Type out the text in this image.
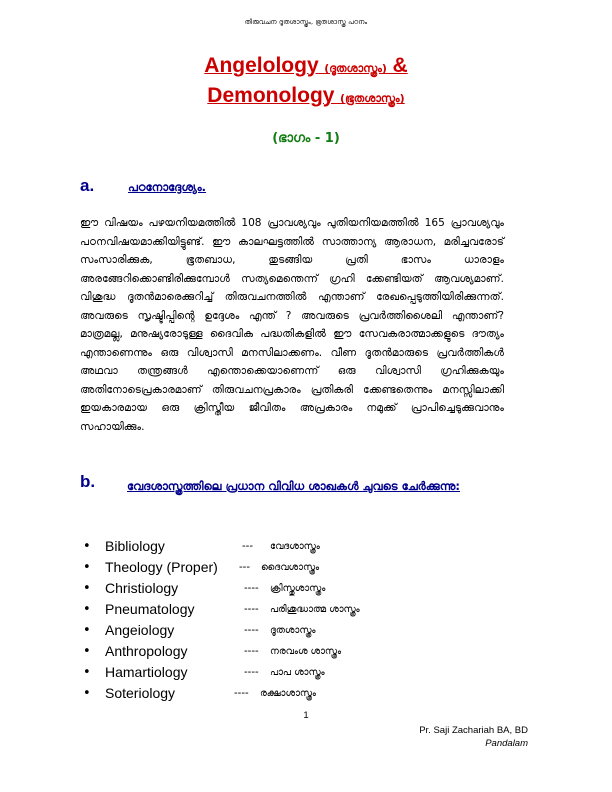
തിരുവചന ദൂതശാസ്ത്രം, ഭൂതശാസ്ത്ര പഠനം
Angelology (ദൂതശാസ്ത്രം) &
Demonology (ഭൂതശാസ്ത്രം)
(ഭാഗം - 1)
a.	പഠനോദ്ദേശ്യം.

ഈ വിഷയം പഴയനിയമത്തിൽ 108 പ്രാവശ്യവും പുതിയനിയമത്തിൽ 165 പ്രാവശ്യവും പഠനവിഷയമാക്കിയിട്ടുണ്ട്. ഈ കാലഘട്ടത്തിൽ സാത്താന്യ ആരാധന, മരിച്ചവരോട് സംസാരിക്കുക, ഭൂതബാധ, തുടങ്ങിയ പ്രതി ഭാസം ധാരാളം അരങ്ങേറിക്കൊണ്ടിരിക്കുമ്പോൾ സത്യമെന്തെന്ന് ഗ്രഹി ക്കേണ്ടിയത് ആവശ്യമാണ്. വിശുദ്ധ ദൂതൻമാരെക്കുറിച്ച് തിരുവചനത്തിൽ എന്താണ് രേഖപ്പെടുത്തിയിരിക്കുന്നത്. അവരുടെ സൃഷ്ടിപ്പിന്റെ ഉദ്ദേശം എന്ത് ? അവരുടെ പ്രവർത്തിശൈലി എന്താണ്? മാത്രമല്ല, മനുഷ്യരോടുള്ള ദൈവിക പദ്ധതികളിൽ ഈ സേവകരാത്മാക്കളുടെ ദൗത്യം എന്താണെന്നും ഒരു വിശ്വാസി മനസിലാക്കണം. വീണ ദൂതൻമാരുടെ പ്രവർത്തികൾ അഥവാ തന്ത്രങ്ങൾ എന്തൊക്കെയാണെന്ന് ഒരു വിശ്വാസി ഗ്രഹിക്കുകയും അതിനോടെപ്രകാരമാണ് തിരുവചനപ്രകാരം പ്രതികരി ക്കേണ്ടതെന്നും മനസ്സിലാക്കി ഇയകാരമായ ഒരു ക്രിസ്തീയ ജീവിതം അപ്രകാരം നമുക്ക് പ്രാപിച്ചെടുക്കുവാനും സഹായിക്കും.

b.	വേദശാസ്ത്രത്തിലെ പ്രധാന വിവിധ ശാഖകൾ ചുവടെ ചേർക്കുന്നു:

• Bibliology	--- വേദശാസ്ത്രം
• Theology (Proper) --- ദൈവശാസ്ത്രം
• Christiology	---- ക്രിസ്തുശാസ്ത്രം
• Pneumatology	---- പരിശുദ്ധാത്മ ശാസ്ത്രം
• Angeiology	---- ദൂതശാസ്ത്രം
• Anthropology	---- നരവംശ ശാസ്ത്രം
• Hamartiology	---- പാപ ശാസ്ത്രം
• Soteriology	---- രക്ഷാശാസ്ത്രം
1
Pr. Saji Zachariah BA, BD
Pandalam
